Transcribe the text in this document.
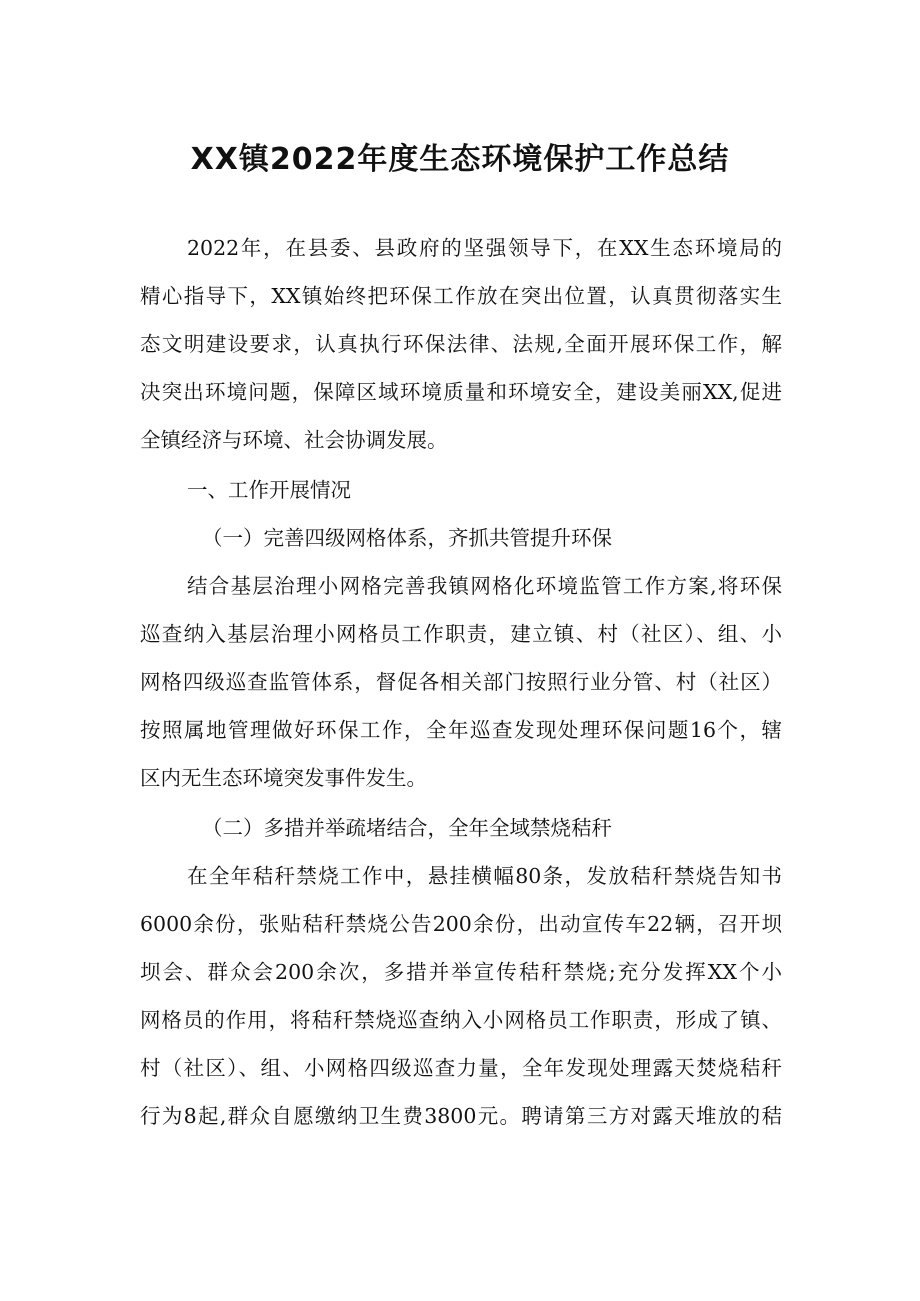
XX镇2022年度生态环境保护工作总结
2022年，在县委、县政府的坚强领导下，在XX生态环境局的
精心指导下，XX镇始终把环保工作放在突出位置，认真贯彻落实生
态文明建设要求，认真执行环保法律、法规,全面开展环保工作，解
决突出环境问题，保障区域环境质量和环境安全，建设美丽XX,促进
全镇经济与环境、社会协调发展。
一、工作开展情况
（一）完善四级网格体系，齐抓共管提升环保
结合基层治理小网格完善我镇网格化环境监管工作方案,将环保
巡查纳入基层治理小网格员工作职责，建立镇、村（社区）、组、小
网格四级巡查监管体系，督促各相关部门按照行业分管、村（社区）
按照属地管理做好环保工作，全年巡查发现处理环保问题16个，辖
区内无生态环境突发事件发生。
（二）多措并举疏堵结合，全年全域禁烧秸秆
在全年秸秆禁烧工作中，悬挂横幅80条，发放秸秆禁烧告知书
6000余份，张贴秸秆禁烧公告200余份，出动宣传车22辆，召开坝
坝会、群众会200余次，多措并举宣传秸秆禁烧;充分发挥XX个小
网格员的作用，将秸秆禁烧巡查纳入小网格员工作职责，形成了镇、
村（社区）、组、小网格四级巡查力量，全年发现处理露天焚烧秸秆
行为8起,群众自愿缴纳卫生费3800元。聘请第三方对露天堆放的秸
